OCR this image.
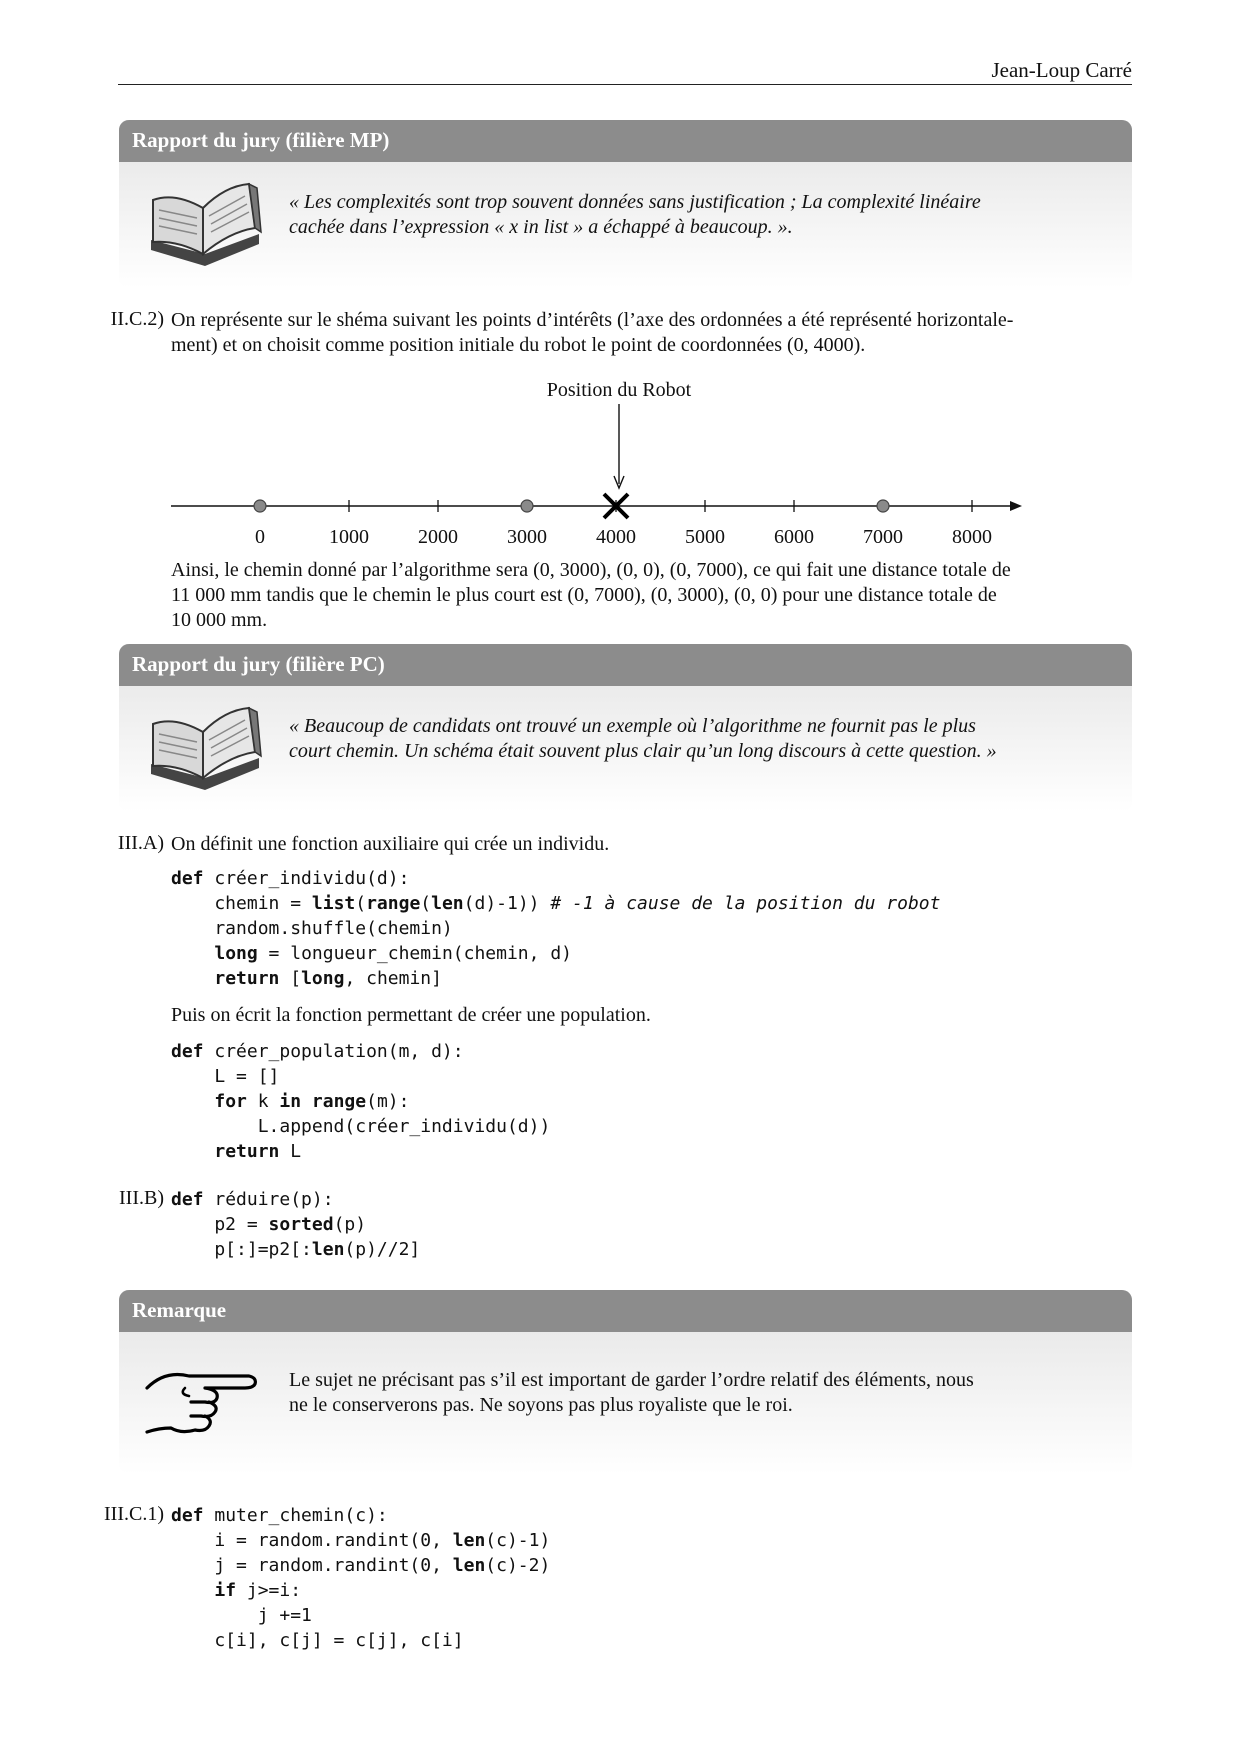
Jean-Loup Carré
Rapport du jury (filière MP)
« Les complexités sont trop souvent données sans justification ; La complexité linéaire
cachée dans l’expression « x in list » a échappé à beaucoup. ».
II.C.2) On représente sur le shéma suivant les points d’intérêts (l’axe des ordonnées a été représenté horizontale-
ment) et on choisit comme position initiale du robot le point de coordonnées (0, 4000).
Position du Robot
0	1000 2000 3000 4000 5000 6000 7000 8000
Ainsi, le chemin donné par l’algorithme sera (0, 3000), (0, 0), (0, 7000), ce qui fait une distance totale de
11 000 mm tandis que le chemin le plus court est (0, 7000), (0, 3000), (0, 0) pour une distance totale de
10 000 mm.
Rapport du jury (filière PC)
« Beaucoup de candidats ont trouvé un exemple où l’algorithme ne fournit pas le plus
court chemin. Un schéma était souvent plus clair qu’un long discours à cette question. »
III.A) On définit une fonction auxiliaire qui crée un individu.
def créer_individu(d):
chemin = list(range(len(d)-1)) # -1 à cause de la position du robot
random.shuffle(chemin)
long = longueur_chemin(chemin, d)
return [long, chemin]
Puis on écrit la fonction permettant de créer une population.
def créer_population(m, d):
L = []
for k in range(m):
L.append(créer_individu(d))
return L
III.B) def réduire(p):
p2 = sorted(p)
p[:]=p2[:len(p)//2]
Remarque
Le sujet ne précisant pas s’il est important de garder l’ordre relatif des éléments, nous
ne le conserverons pas. Ne soyons pas plus royaliste que le roi.
III.C.1) def muter_chemin(c):
i = random.randint(0, len(c)-1)
j = random.randint(0, len(c)-2)
if j>=i:
j +=1
c[i], c[j] = c[j], c[i]
